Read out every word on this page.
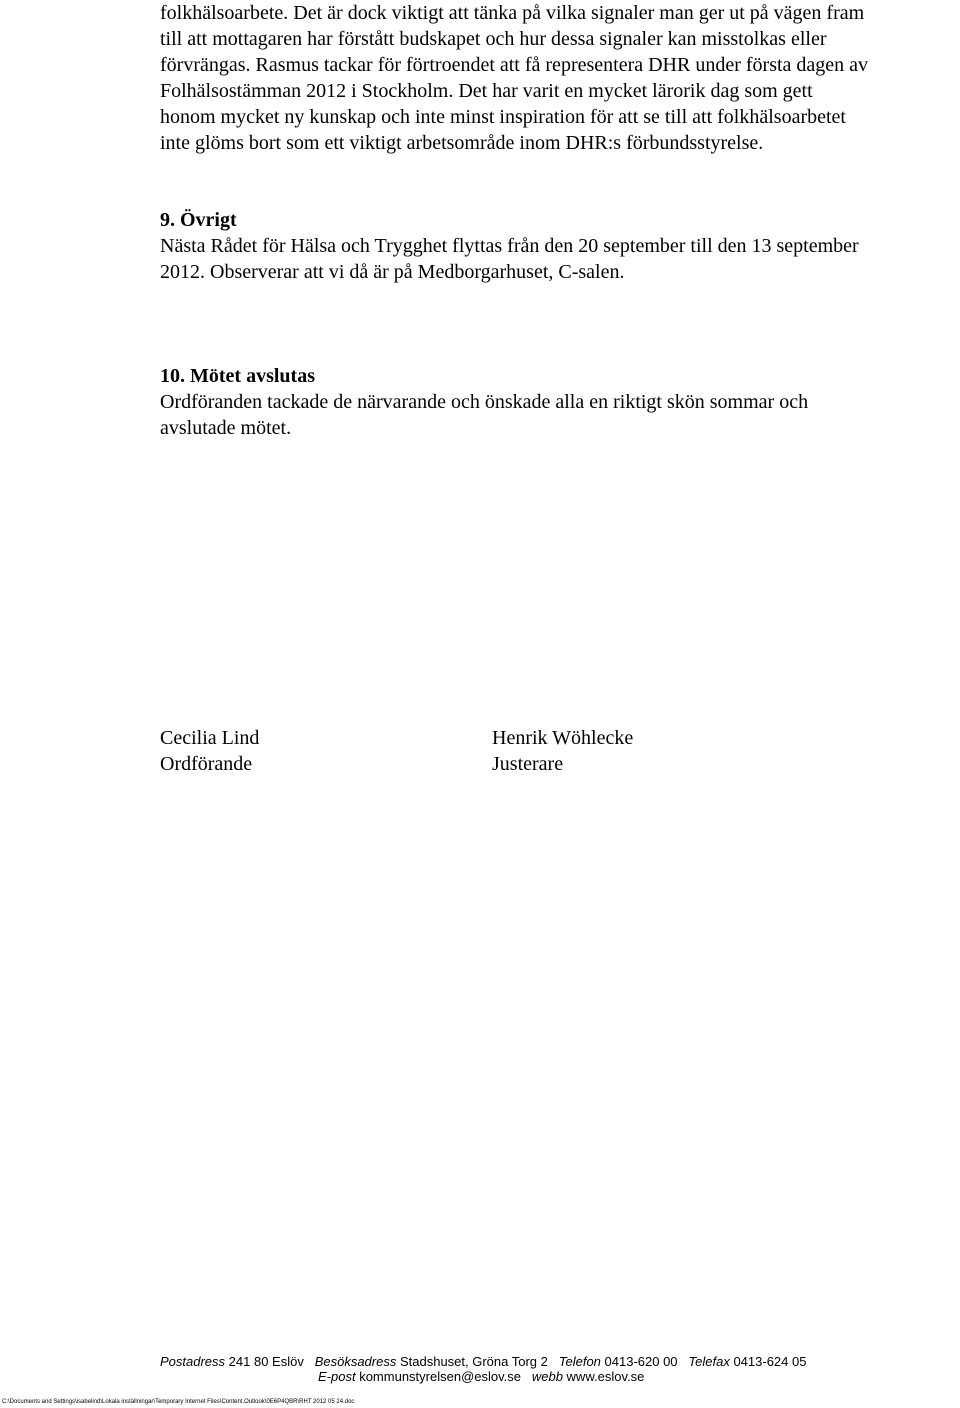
folkhälsoarbete. Det är dock viktigt att tänka på vilka signaler man ger ut på vägen fram
till att mottagaren har förstått budskapet och hur dessa signaler kan misstolkas eller
förvrängas. Rasmus tackar för förtroendet att få representera DHR under första dagen av
Folhälsostämman 2012 i Stockholm. Det har varit en mycket lärorik dag som gett
honom mycket ny kunskap och inte minst inspiration för att se till att folkhälsoarbetet
inte glöms bort som ett viktigt arbetsområde inom DHR:s förbundsstyrelse.
9. Övrigt
Nästa Rådet för Hälsa och Trygghet flyttas från den 20 september till den 13 september
2012. Observerar att vi då är på Medborgarhuset, C-salen.
10. Mötet avslutas
Ordföranden tackade de närvarande och önskade alla en riktigt skön sommar och
avslutade mötet.
Cecilia Lind
Ordförande
Henrik Wöhlecke
Justerare
Postadress 241 80 Eslöv Besöksadress Stadshuset, Gröna Torg 2 Telefon 0413-620 00 Telefax 0413-624 05
E-post kommunstyrelsen@eslov.se webb www.eslov.se
C:\Documents and Settings\isabelind\Lokala inställningar\Temporary Internet Files\Content.Outlook\0E6P4QBR\RHT 2012 05 24.doc
